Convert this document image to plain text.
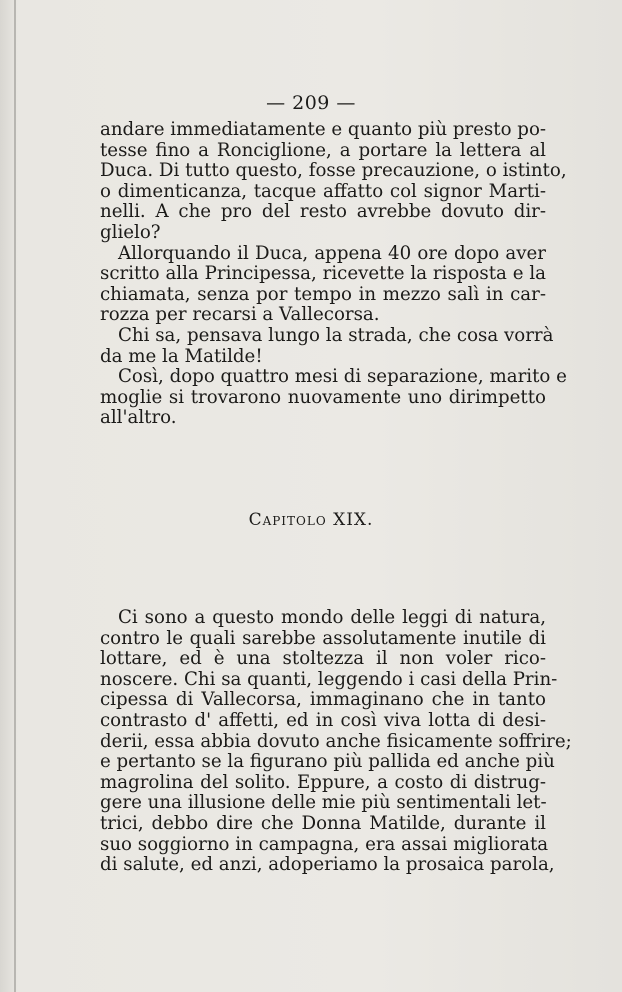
— 209 —
andare immediatamente e quanto più presto po-
tesse fino a Ronciglione, a portare la lettera al
Duca. Di tutto questo, fosse precauzione, o istinto,
o dimenticanza, tacque affatto col signor Marti-
nelli. A che pro del resto avrebbe dovuto dir-
glielo?
Allorquando il Duca, appena 40 ore dopo aver
scritto alla Principessa, ricevette la risposta e la
chiamata, senza por tempo in mezzo salì in car-
rozza per recarsi a Vallecorsa.
Chi sa, pensava lungo la strada, che cosa vorrà
da me la Matilde!
Così, dopo quattro mesi di separazione, marito e
moglie si trovarono nuovamente uno dirimpetto
all'altro.
Capitolo XIX.
Ci sono a questo mondo delle leggi di natura,
contro le quali sarebbe assolutamente inutile di
lottare, ed è una stoltezza il non voler rico-
noscere. Chi sa quanti, leggendo i casi della Prin-
cipessa di Vallecorsa, immaginano che in tanto
contrasto d' affetti, ed in così viva lotta di desi-
derii, essa abbia dovuto anche fisicamente soffrire;
e pertanto se la figurano più pallida ed anche più
magrolina del solito. Eppure, a costo di distrug-
gere una illusione delle mie più sentimentali let-
trici, debbo dire che Donna Matilde, durante il
suo soggiorno in campagna, era assai migliorata
di salute, ed anzi, adoperiamo la prosaica parola,
